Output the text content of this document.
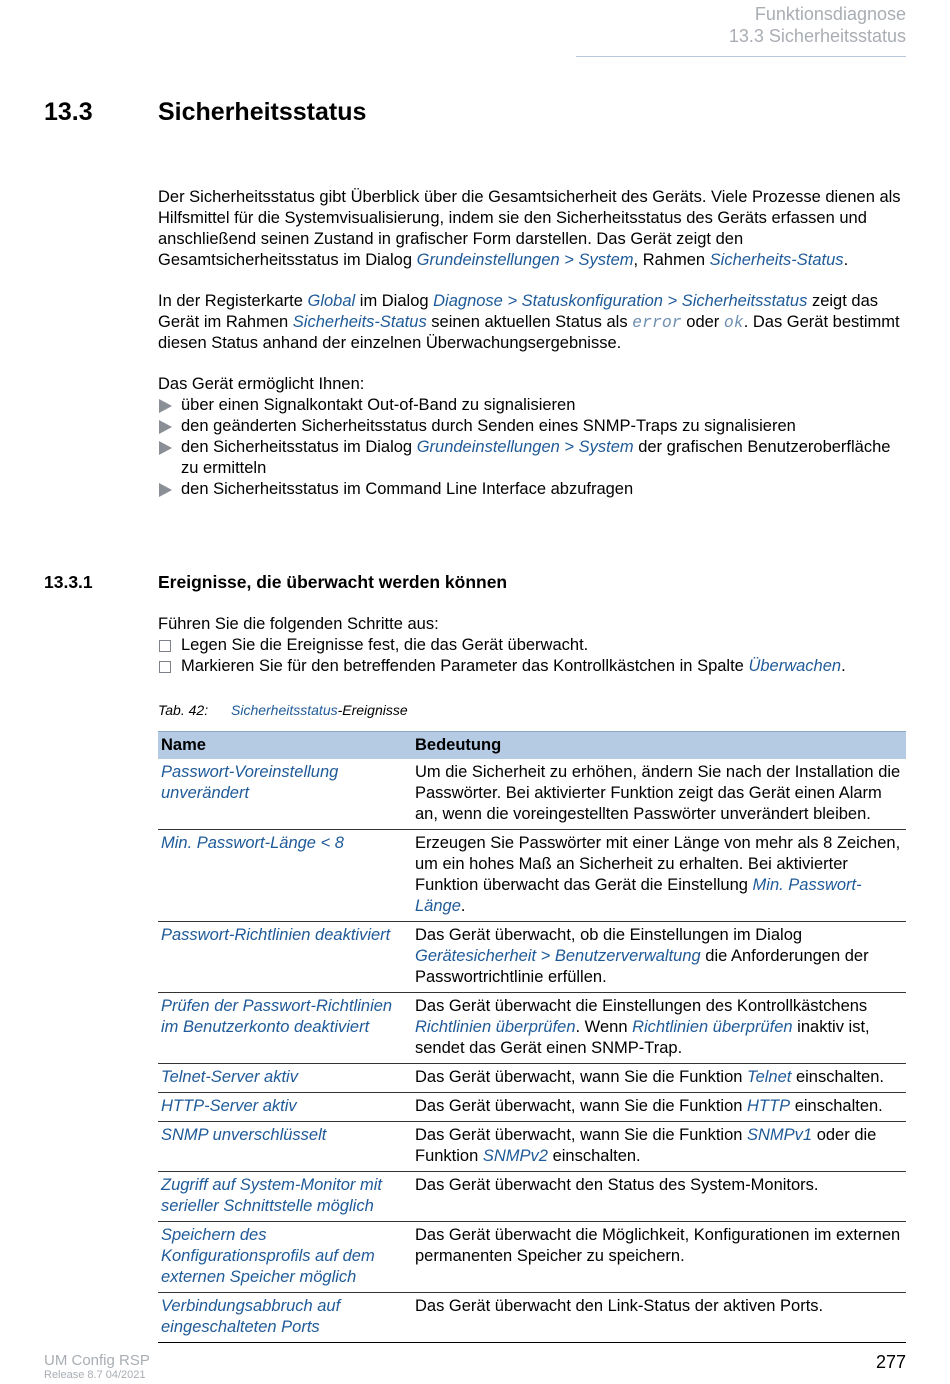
Funktionsdiagnose
13.3 Sicherheitsstatus
13.3	Sicherheitsstatus

Der Sicherheitsstatus gibt Überblick über die Gesamtsicherheit des Geräts. Viele Prozesse dienen als Hilfsmittel für die Systemvisualisierung, indem sie den Sicherheitsstatus des Geräts erfassen und anschließend seinen Zustand in grafischer Form darstellen. Das Gerät zeigt den Gesamtsicherheitsstatus im Dialog Grundeinstellungen > System, Rahmen Sicherheits-Status.

In der Registerkarte Global im Dialog Diagnose > Statuskonfiguration > Sicherheitsstatus zeigt das Gerät im Rahmen Sicherheits-Status seinen aktuellen Status als error oder ok. Das Gerät bestimmt diesen Status anhand der einzelnen Überwachungsergebnisse.

Das Gerät ermöglicht Ihnen:

über einen Signalkontakt Out-of-Band zu signalisieren
den geänderten Sicherheitsstatus durch Senden eines SNMP-Traps zu signalisieren
den Sicherheitsstatus im Dialog Grundeinstellungen > System der grafischen Benutzeroberfläche zu ermitteln
den Sicherheitsstatus im Command Line Interface abzufragen
13.3.1	Ereignisse, die überwacht werden können

Führen Sie die folgenden Schritte aus:

Legen Sie die Ereignisse fest, die das Gerät überwacht.
Markieren Sie für den betreffenden Parameter das Kontrollkästchen in Spalte Überwachen.
Tab. 42: Sicherheitsstatus-Ereignisse
Name	Bedeutung
Passwort-Voreinstellung unverändert	Um die Sicherheit zu erhöhen, ändern Sie nach der Installation die Passwörter. Bei aktivierter Funktion zeigt das Gerät einen Alarm an, wenn die voreingestellten Passwörter unverändert bleiben.
Min. Passwort-Länge < 8	Erzeugen Sie Passwörter mit einer Länge von mehr als 8 Zeichen, um ein hohes Maß an Sicherheit zu erhalten. Bei aktivierter Funktion überwacht das Gerät die Einstellung Min. Passwort-Länge.
Passwort-Richtlinien deaktiviert	Das Gerät überwacht, ob die Einstellungen im Dialog Gerätesicherheit > Benutzerverwaltung die Anforderungen der Passwortrichtlinie erfüllen.
Prüfen der Passwort-Richtlinien im Benutzerkonto deaktiviert	Das Gerät überwacht die Einstellungen des Kontrollkästchens Richtlinien überprüfen. Wenn Richtlinien überprüfen inaktiv ist, sendet das Gerät einen SNMP-Trap.
Telnet-Server aktiv	Das Gerät überwacht, wann Sie die Funktion Telnet einschalten.
HTTP-Server aktiv	Das Gerät überwacht, wann Sie die Funktion HTTP einschalten.
SNMP unverschlüsselt	Das Gerät überwacht, wann Sie die Funktion SNMPv1 oder die Funktion SNMPv2 einschalten.
Zugriff auf System-Monitor mit serieller Schnittstelle möglich	Das Gerät überwacht den Status des System-Monitors.
Speichern des Konfigurationsprofils auf dem externen Speicher möglich	Das Gerät überwacht die Möglichkeit, Konfigurationen im externen permanenten Speicher zu speichern.
Verbindungsabbruch auf eingeschalteten Ports	Das Gerät überwacht den Link-Status der aktiven Ports.
UM Config RSP
Release 8.7 04/2021
277
